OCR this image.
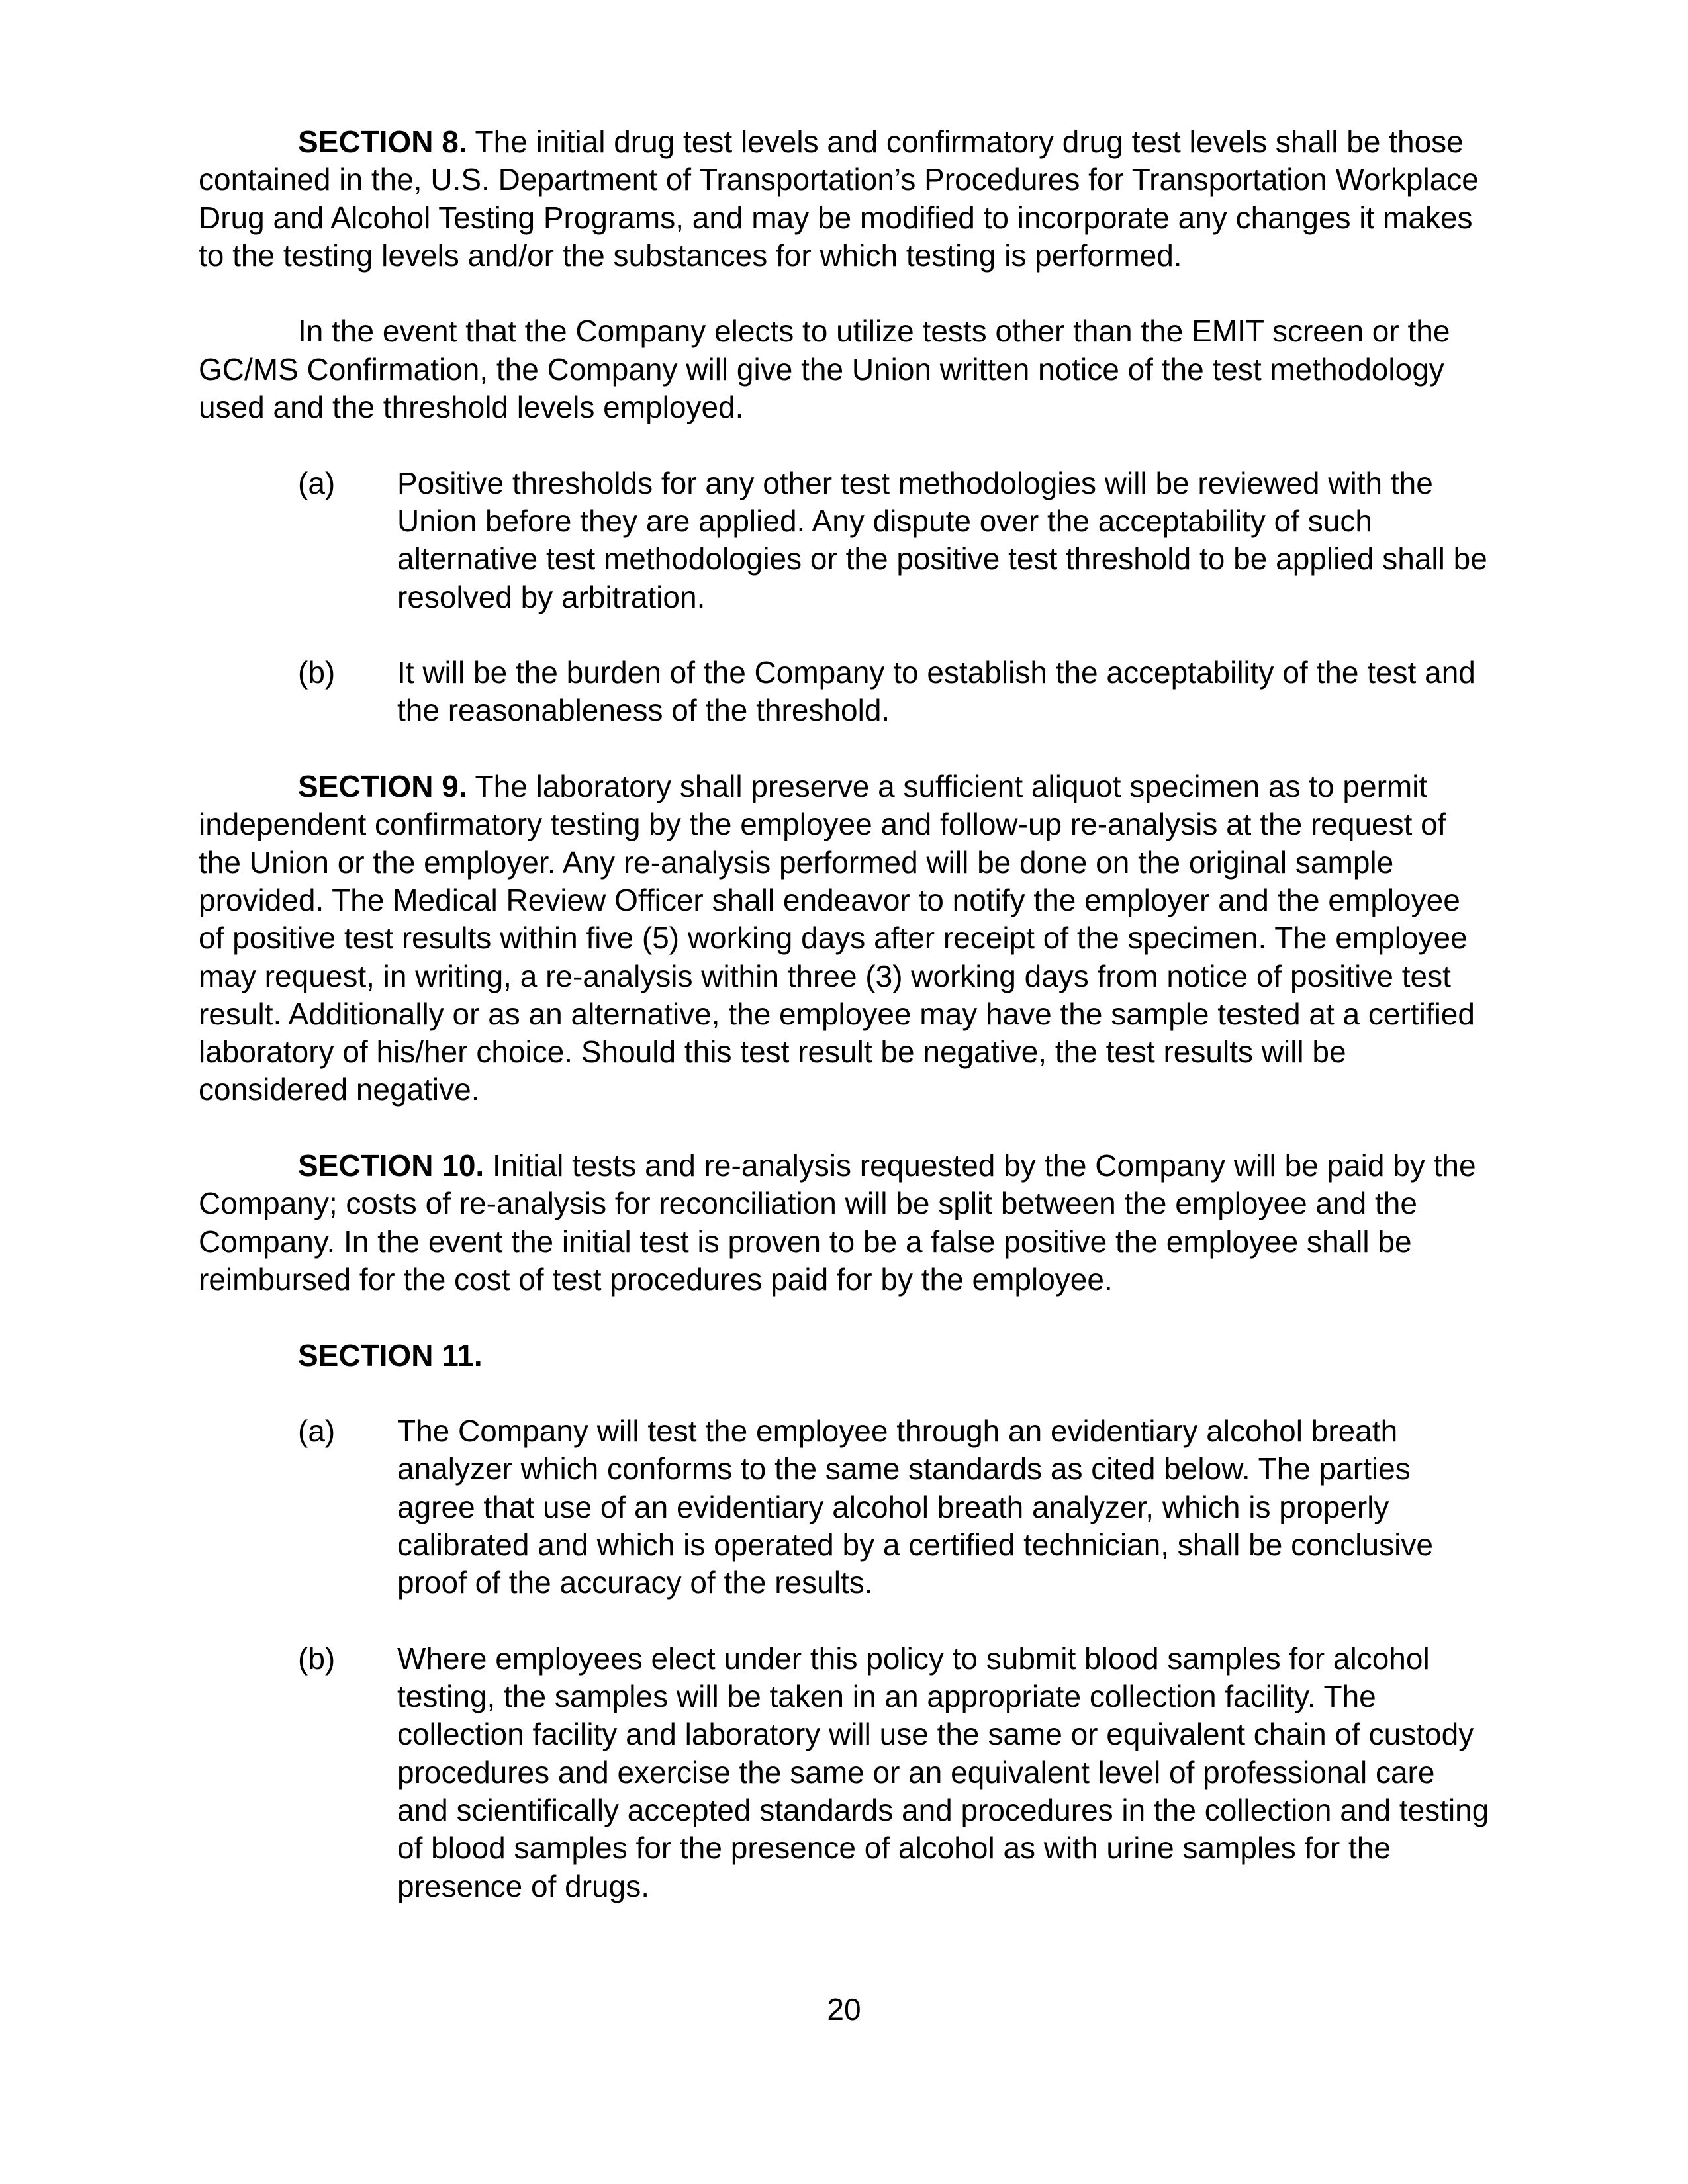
SECTION 8. The initial drug test levels and confirmatory drug test levels shall be those contained in the, U.S. Department of Transportation’s Procedures for Transportation Workplace Drug and Alcohol Testing Programs, and may be modified to incorporate any changes it makes to the testing levels and/or the substances for which testing is performed.

In the event that the Company elects to utilize tests other than the EMIT screen or the GC/MS Confirmation, the Company will give the Union written notice of the test methodology used and the threshold levels employed.

(a)	Positive thresholds for any other test methodologies will be reviewed with the Union before they are applied. Any dispute over the acceptability of such alternative test methodologies or the positive test threshold to be applied shall be resolved by arbitration.
(b)	It will be the burden of the Company to establish the acceptability of the test and the reasonableness of the threshold.

SECTION 9. The laboratory shall preserve a sufficient aliquot specimen as to permit independent confirmatory testing by the employee and follow-up re-analysis at the request of the Union or the employer. Any re-analysis performed will be done on the original sample provided. The Medical Review Officer shall endeavor to notify the employer and the employee of positive test results within five (5) working days after receipt of the specimen. The employee may request, in writing, a re-analysis within three (3) working days from notice of positive test result. Additionally or as an alternative, the employee may have the sample tested at a certified laboratory of his/her choice. Should this test result be negative, the test results will be considered negative.

SECTION 10. Initial tests and re-analysis requested by the Company will be paid by the Company; costs of re-analysis for reconciliation will be split between the employee and the Company. In the event the initial test is proven to be a false positive the employee shall be reimbursed for the cost of test procedures paid for by the employee.

SECTION 11.
(a)	The Company will test the employee through an evidentiary alcohol breath analyzer which conforms to the same standards as cited below. The parties agree that use of an evidentiary alcohol breath analyzer, which is properly calibrated and which is operated by a certified technician, shall be conclusive proof of the accuracy of the results.
(b)	Where employees elect under this policy to submit blood samples for alcohol testing, the samples will be taken in an appropriate collection facility. The collection facility and laboratory will use the same or equivalent chain of custody procedures and exercise the same or an equivalent level of professional care and scientifically accepted standards and procedures in the collection and testing of blood samples for the presence of alcohol as with urine samples for the presence of drugs.
20
